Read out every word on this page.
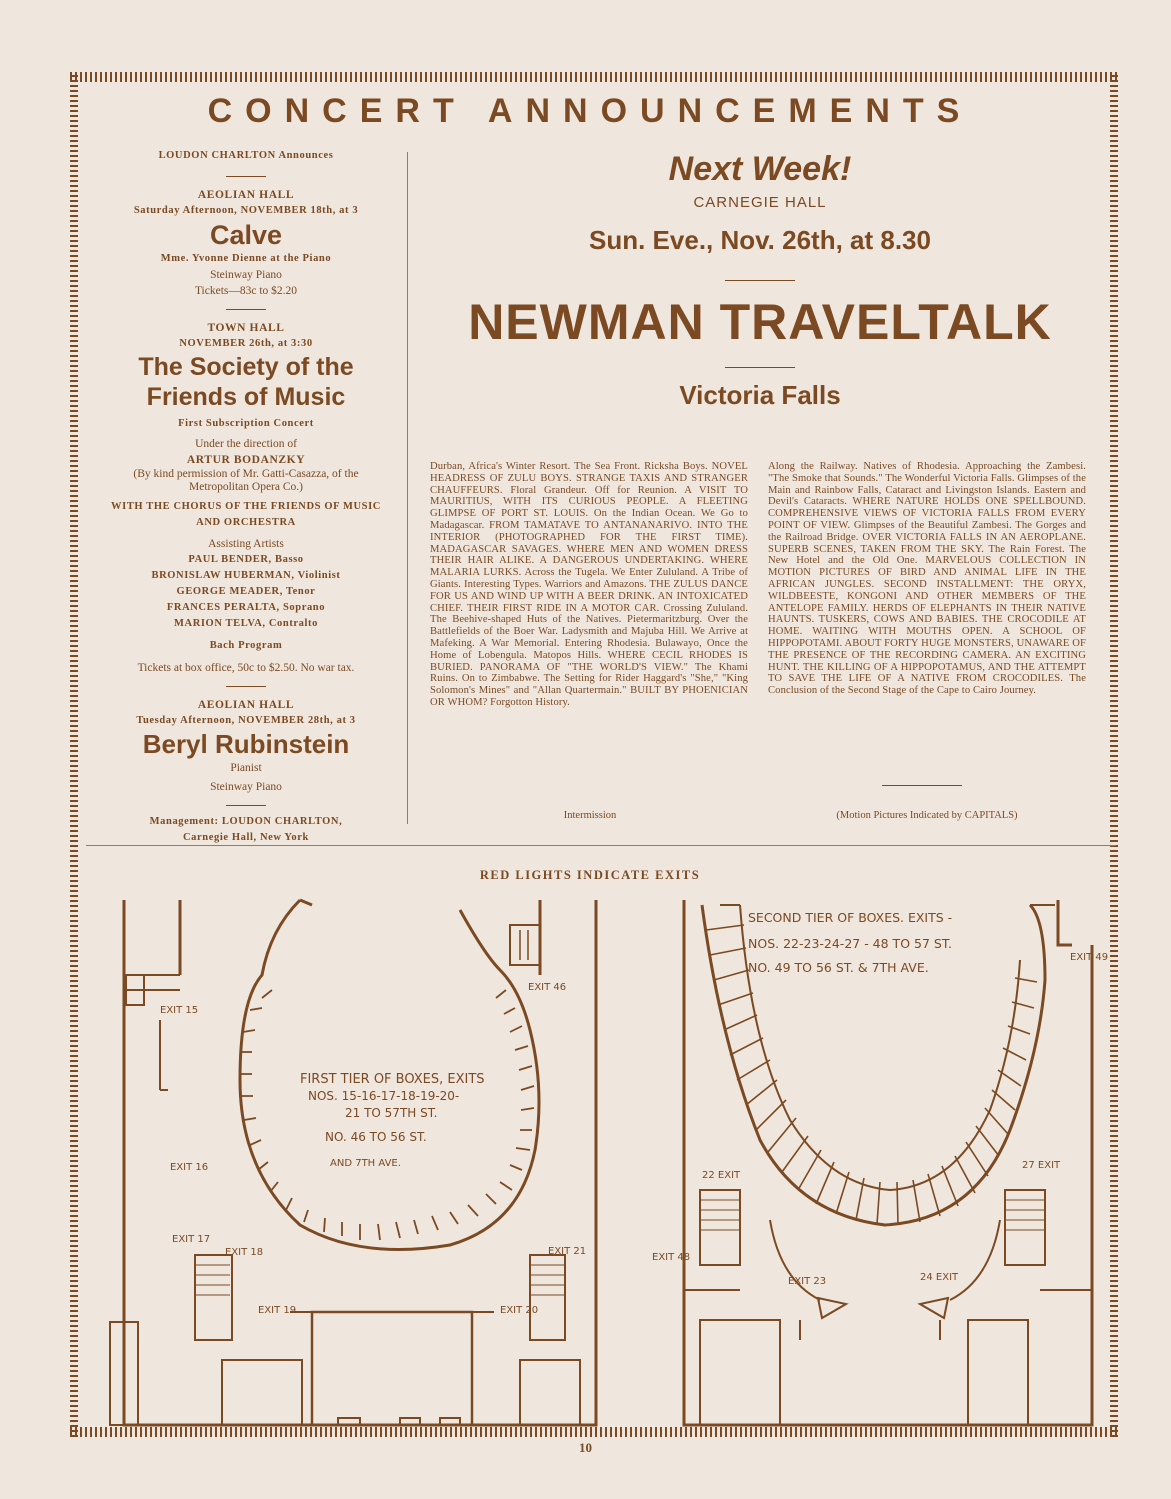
CONCERT ANNOUNCEMENTS
LOUDON CHARLTON Announces
AEOLIAN HALL
Saturday Afternoon, NOVEMBER 18th, at 3
Calve
Mme. Yvonne Dienne at the Piano
Steinway Piano
Tickets—83c to $2.20
TOWN HALL
NOVEMBER 26th, at 3:30
The Society of the Friends of Music
First Subscription Concert
Under the direction of
ARTUR BODANZKY
(By kind permission of Mr. Gatti-Casazza, of the Metropolitan Opera Co.)
WITH THE CHORUS OF THE FRIENDS OF MUSIC AND ORCHESTRA
Assisting Artists
PAUL BENDER, Basso
BRONISLAW HUBERMAN, Violinist
GEORGE MEADER, Tenor
FRANCES PERALTA, Soprano
MARION TELVA, Contralto
Bach Program
Tickets at box office, 50c to $2.50. No war tax.
AEOLIAN HALL
Tuesday Afternoon, NOVEMBER 28th, at 3
Beryl Rubinstein
Pianist
Steinway Piano
Management: LOUDON CHARLTON,
Carnegie Hall, New York
Next Week!
CARNEGIE HALL
Sun. Eve., Nov. 26th, at 8.30
NEWMAN TRAVELTALK
Victoria Falls
Durban, Africa's Winter Resort. The Sea Front. Ricksha Boys. NOVEL HEADRESS OF ZULU BOYS. STRANGE TAXIS AND STRANGER CHAUFFEURS. Floral Grandeur. Off for Reunion. A VISIT TO MAURITIUS, WITH ITS CURIOUS PEOPLE. A FLEETING GLIMPSE OF PORT ST. LOUIS. On the Indian Ocean. We Go to Madagascar. FROM TAMATAVE TO ANTANANARIVO. INTO THE INTERIOR (PHOTOGRAPHED FOR THE FIRST TIME). MADAGASCAR SAVAGES. WHERE MEN AND WOMEN DRESS THEIR HAIR ALIKE. A DANGEROUS UNDERTAKING. WHERE MALARIA LURKS. Across the Tugela. We Enter Zululand. A Tribe of Giants. Interesting Types. Warriors and Amazons. THE ZULUS DANCE FOR US AND WIND UP WITH A BEER DRINK. AN INTOXICATED CHIEF. THEIR FIRST RIDE IN A MOTOR CAR. Crossing Zululand. The Beehive-shaped Huts of the Natives. Pietermaritzburg. Over the Battlefields of the Boer War. Ladysmith and Majuba Hill. We Arrive at Mafeking. A War Memorial. Entering Rhodesia. Bulawayo, Once the Home of Lobengula. Matopos Hills. WHERE CECIL RHODES IS BURIED. PANORAMA OF "THE WORLD'S VIEW." The Khami Ruins. On to Zimbabwe. The Setting for Rider Haggard's "She," "King Solomon's Mines" and "Allan Quartermain." BUILT BY PHOENICIAN OR WHOM? Forgotton History.
Along the Railway. Natives of Rhodesia. Approaching the Zambesi. "The Smoke that Sounds." The Wonderful Victoria Falls. Glimpses of the Main and Rainbow Falls, Cataract and Livingston Islands. Eastern and Devil's Cataracts. WHERE NATURE HOLDS ONE SPELLBOUND. COMPREHENSIVE VIEWS OF VICTORIA FALLS FROM EVERY POINT OF VIEW. Glimpses of the Beautiful Zambesi. The Gorges and the Railroad Bridge. OVER VICTORIA FALLS IN AN AEROPLANE. SUPERB SCENES, TAKEN FROM THE SKY. The Rain Forest. The New Hotel and the Old One. MARVELOUS COLLECTION IN MOTION PICTURES OF BIRD AND ANIMAL LIFE IN THE AFRICAN JUNGLES. SECOND INSTALLMENT: THE ORYX, WILDBEESTE, KONGONI AND OTHER MEMBERS OF THE ANTELOPE FAMILY. HERDS OF ELEPHANTS IN THEIR NATIVE HAUNTS. TUSKERS, COWS AND BABIES. THE CROCODILE AT HOME. WAITING WITH MOUTHS OPEN. A SCHOOL OF HIPPOPOTAMI. ABOUT FORTY HUGE MONSTERS, UNAWARE OF THE PRESENCE OF THE RECORDING CAMERA. AN EXCITING HUNT. THE KILLING OF A HIPPOPOTAMUS, AND THE ATTEMPT TO SAVE THE LIFE OF A NATIVE FROM CROCODILES. The Conclusion of the Second Stage of the Cape to Cairo Journey.
Intermission	(Motion Pictures Indicated by CAPITALS)
RED LIGHTS INDICATE EXITS
FIRST TIER OF BOXES, EXITS
NOS. 15-16-17-18-19-20-
21 TO 57TH ST.
NO. 46 TO 56 ST.
AND 7TH AVE.
EXIT 15
EXIT 16
EXIT 17
EXIT 18
EXIT 19	EXIT 20
EXIT 21
EXIT 46
SECOND TIER OF BOXES. EXITS -
NOS. 22-23-24-27 - 48 TO 57 ST.
NO. 49 TO 56 ST. & 7TH AVE.
22 EXIT
EXIT 23	24 EXIT
27 EXIT
EXIT 48
EXIT 49
10
